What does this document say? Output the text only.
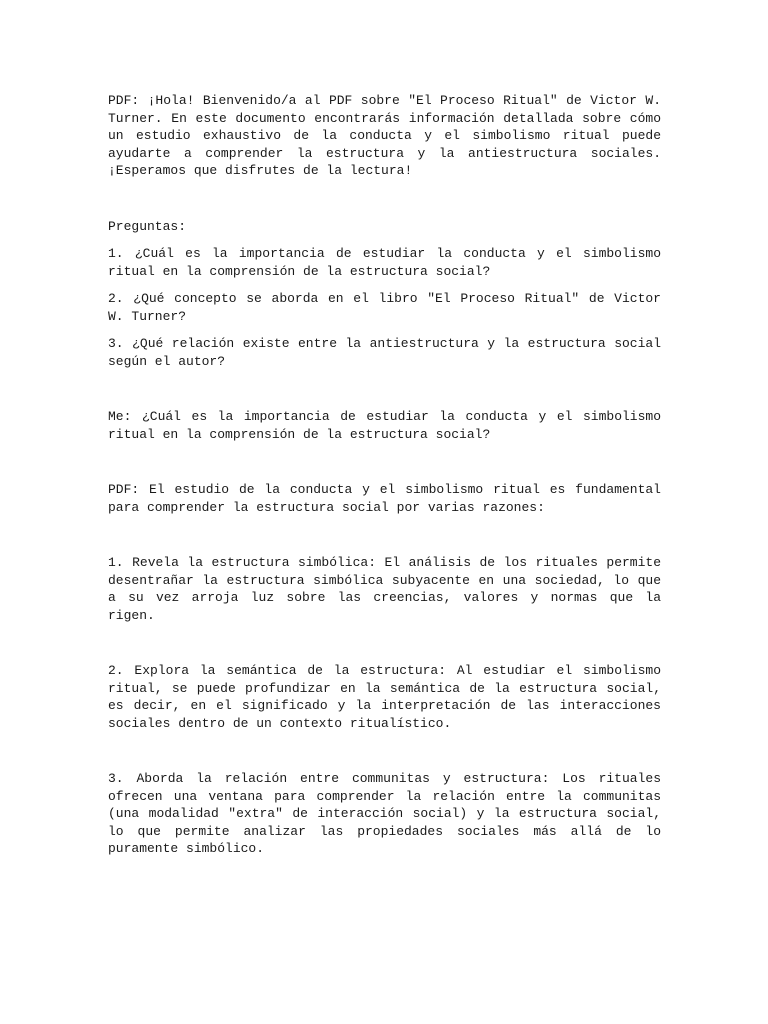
PDF: ¡Hola! Bienvenido/a al PDF sobre "El Proceso Ritual" de Victor W. Turner. En este documento encontrarás información detallada sobre cómo un estudio exhaustivo de la conducta y el simbolismo ritual puede ayudarte a comprender la estructura y la antiestructura sociales. ¡Esperamos que disfrutes de la lectura!

Preguntas:

1. ¿Cuál es la importancia de estudiar la conducta y el simbolismo ritual en la comprensión de la estructura social?

2. ¿Qué concepto se aborda en el libro "El Proceso Ritual" de Victor W. Turner?

3. ¿Qué relación existe entre la antiestructura y la estructura social según el autor?

Me: ¿Cuál es la importancia de estudiar la conducta y el simbolismo ritual en la comprensión de la estructura social?

PDF: El estudio de la conducta y el simbolismo ritual es fundamental para comprender la estructura social por varias razones:

1. Revela la estructura simbólica: El análisis de los rituales permite desentrañar la estructura simbólica subyacente en una sociedad, lo que a su vez arroja luz sobre las creencias, valores y normas que la rigen.

2. Explora la semántica de la estructura: Al estudiar el simbolismo ritual, se puede profundizar en la semántica de la estructura social, es decir, en el significado y la interpretación de las interacciones sociales dentro de un contexto ritualístico.

3. Aborda la relación entre communitas y estructura: Los rituales ofrecen una ventana para comprender la relación entre la communitas (una modalidad "extra" de interacción social) y la estructura social, lo que permite analizar las propiedades sociales más allá de lo puramente simbólico.
